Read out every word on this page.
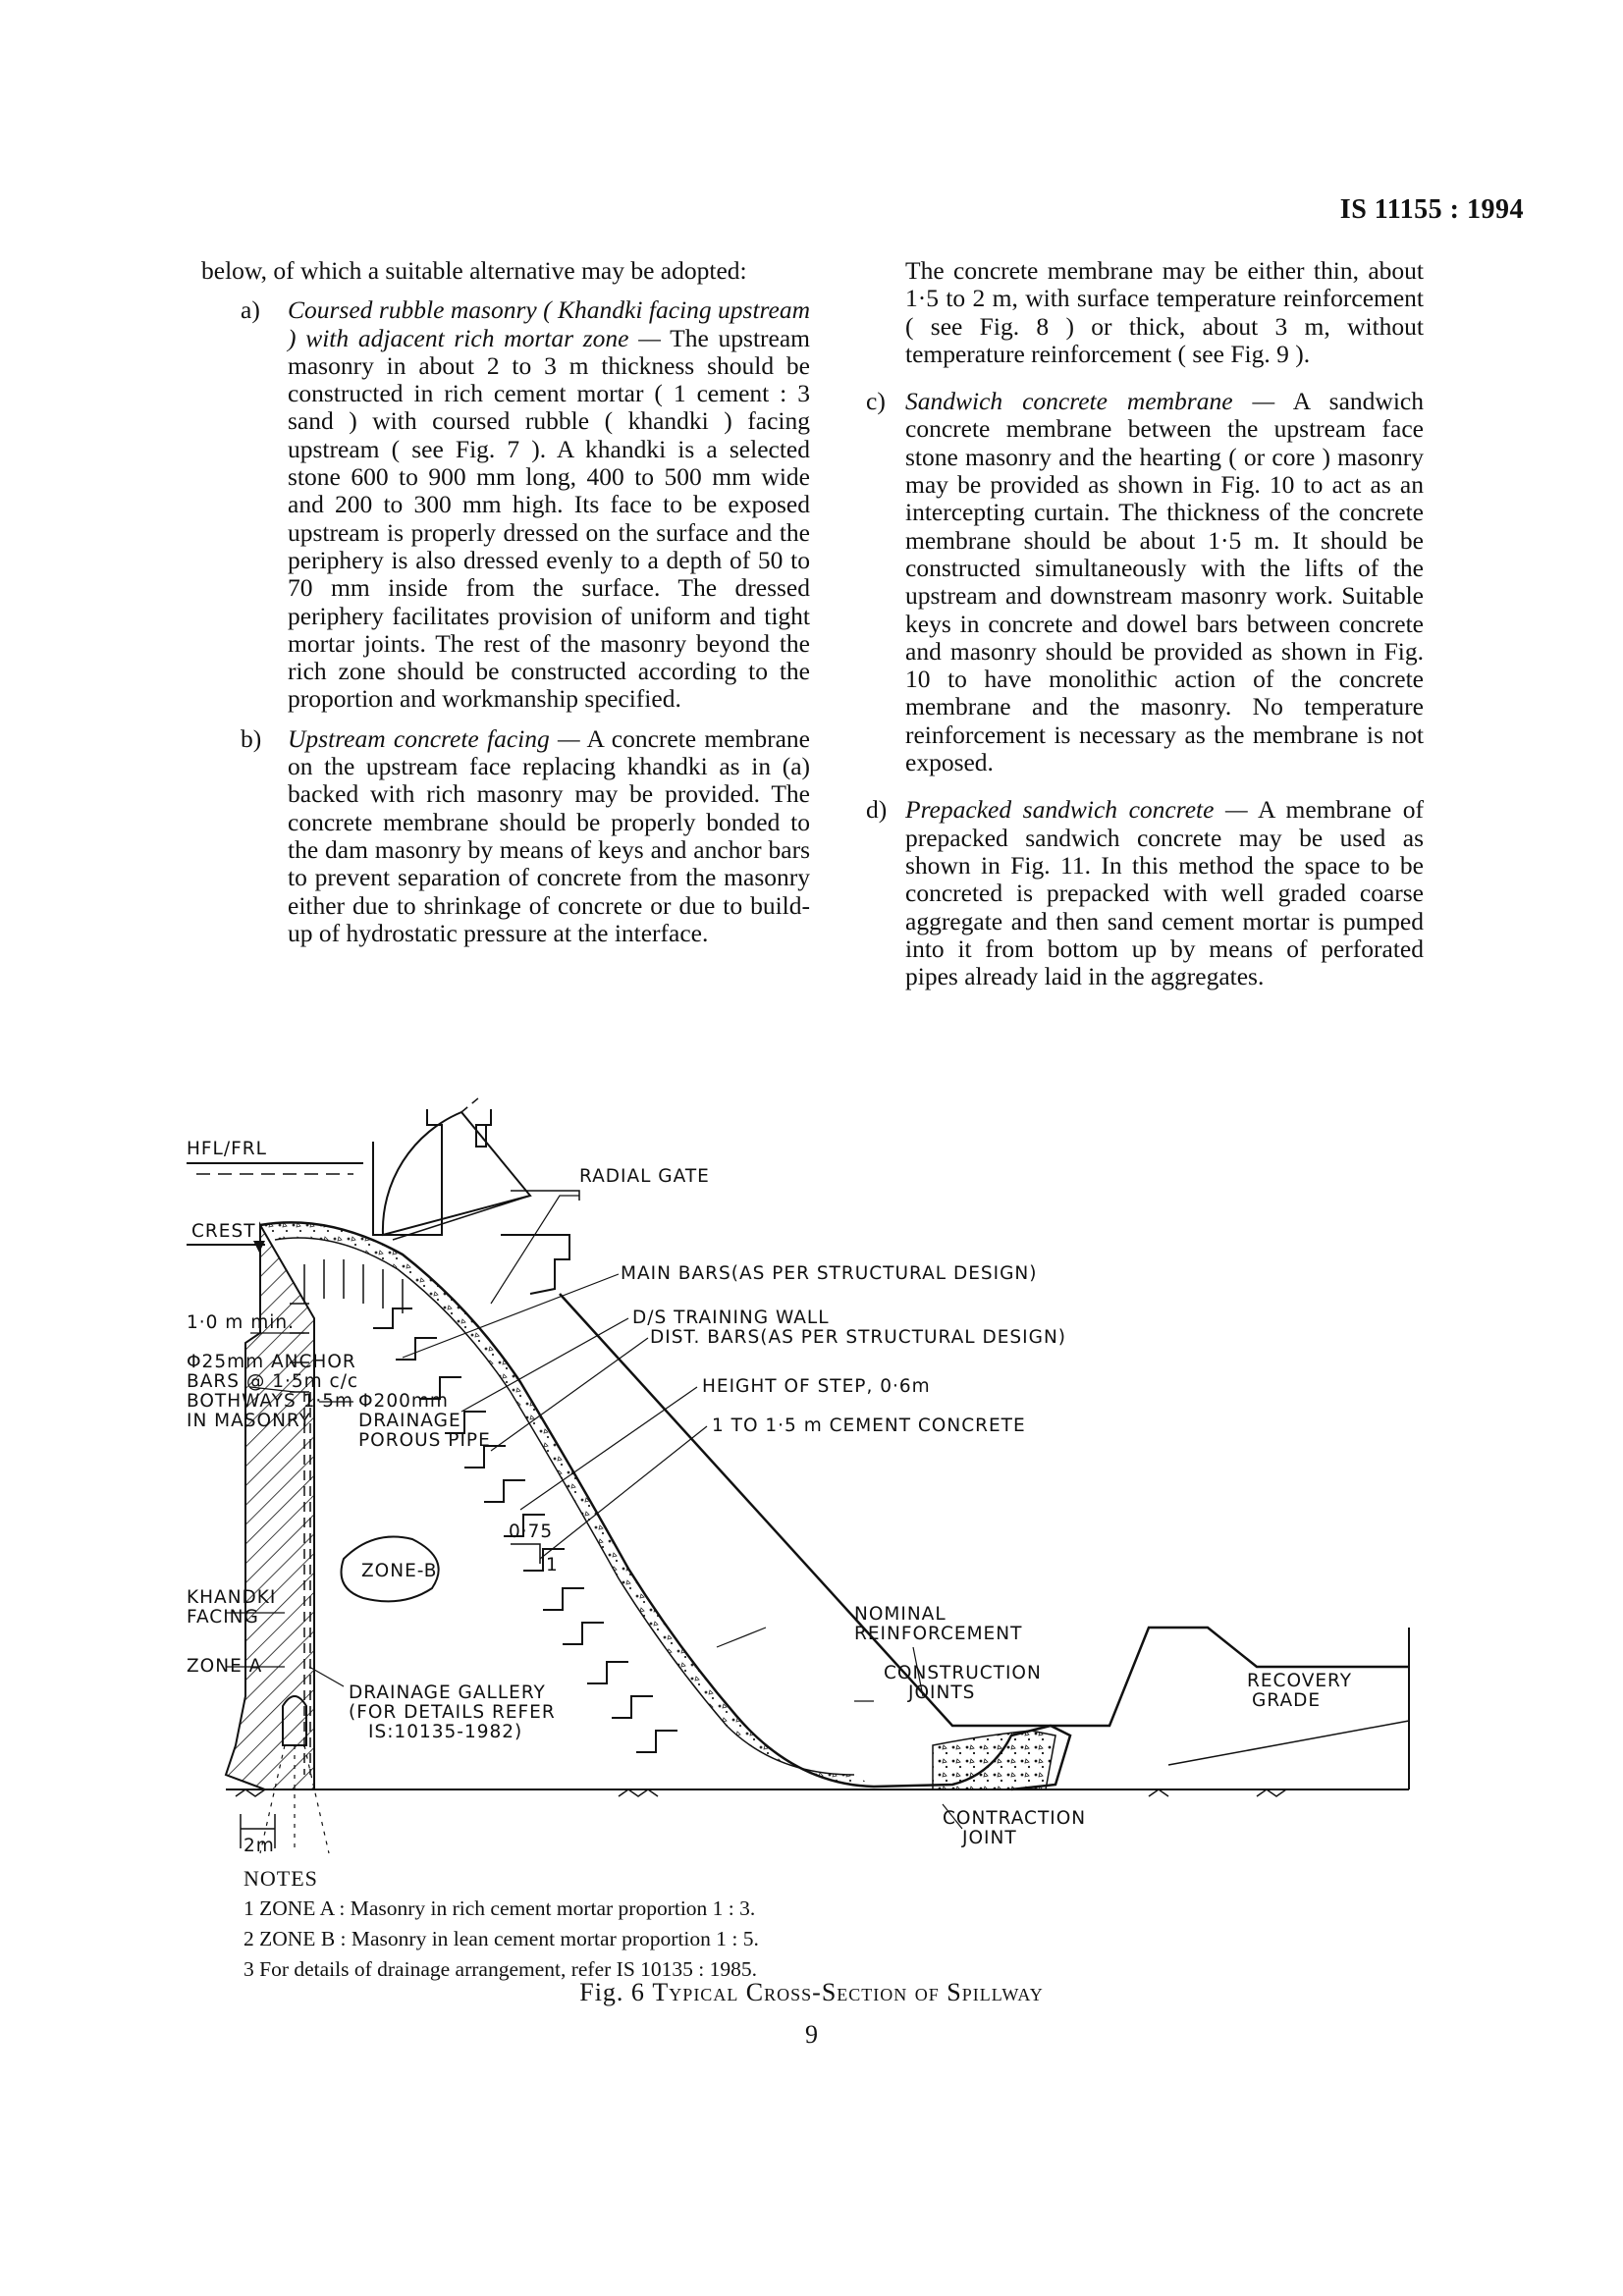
IS 11155 : 1994

below, of which a suitable alternative may be adopted:

a) Coursed rubble masonry ( Khandki facing upstream ) with adjacent rich mortar zone — The upstream masonry in about 2 to 3 m thickness should be constructed in rich cement mortar ( 1 cement : 3 sand ) with coursed rubble ( khandki ) facing upstream ( see Fig. 7 ). A khandki is a selected stone 600 to 900 mm long, 400 to 500 mm wide and 200 to 300 mm high. Its face to be exposed upstream is properly dressed on the surface and the periphery is also dressed evenly to a depth of 50 to 70 mm inside from the surface. The dressed periphery facilitates provision of uniform and tight mortar joints. The rest of the masonry beyond the rich zone should be constructed according to the proportion and workmanship specified.
b) Upstream concrete facing — A concrete membrane on the upstream face replacing khandki as in (a) backed with rich masonry may be provided. The concrete membrane should be properly bonded to the dam masonry by means of keys and anchor bars to prevent separation of concrete from the masonry either due to shrinkage of concrete or due to build-up of hydrostatic pressure at the interface.

The concrete membrane may be either thin, about 1·5 to 2 m, with surface temperature reinforcement ( see Fig. 8 ) or thick, about 3 m, without temperature reinforcement ( see Fig. 9 ).

c) Sandwich concrete membrane — A sandwich concrete membrane between the upstream face stone masonry and the hearting ( or core ) masonry may be provided as shown in Fig. 10 to act as an intercepting curtain. The thickness of the concrete membrane should be about 1·5 m. It should be constructed simultaneously with the lifts of the upstream and downstream masonry work. Suitable keys in concrete and dowel bars between concrete and masonry should be provided as shown in Fig. 10 to have monolithic action of the concrete membrane and the masonry. No temperature reinforcement is necessary as the membrane is not exposed.
d) Prepacked sandwich concrete — A membrane of prepacked sandwich concrete may be used as shown in Fig. 11. In this method the space to be concreted is prepacked with well graded coarse aggregate and then sand cement mortar is pumped into it from bottom up by means of perforated pipes already laid in the aggregates.
HFL/FRL
RADIAL GATE
CREST
MAIN BARS(AS PER STRUCTURAL DESIGN)
D/S TRAINING WALL
DIST. BARS(AS PER STRUCTURAL DESIGN)
HEIGHT OF STEP, 0·6m
1 TO 1·5 m CEMENT CONCRETE
1·0 m min.
Φ25mm ANCHOR
BARS @ 1·5m c/c
BOTHWAYS 1·5m
IN MASONRY
Φ200mm
DRAINAGE
POROUS PIPE
0·75
1
ZONE-B
KHANDKI
FACING
ZONE A
DRAINAGE GALLERY
(FOR DETAILS REFER
IS:10135-1982)
NOMINAL
REINFORCEMENT
CONSTRUCTION
JOINTS
RECOVERY
GRADE
CONTRACTION
JOINT
2m
NOTES
1 ZONE A : Masonry in rich cement mortar proportion 1 : 3.
2 ZONE B : Masonry in lean cement mortar proportion 1 : 5.
3 For details of drainage arrangement, refer IS 10135 : 1985.
Fig. 6 Typical Cross-Section of Spillway
9
